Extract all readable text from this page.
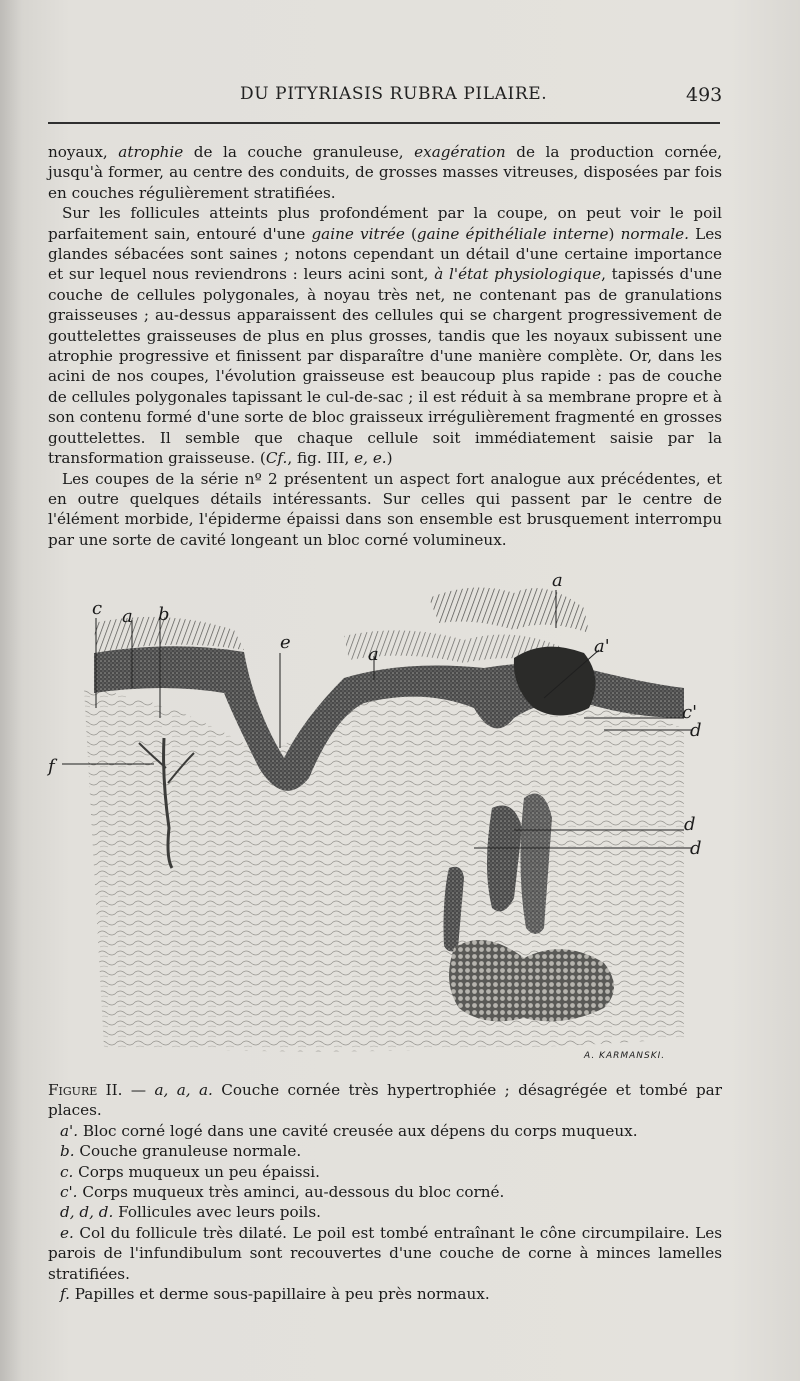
DU PITYRIASIS RUBRA PILAIRE.	493

noyaux, atrophie de la couche granuleuse, exagération de la production cornée, jusqu'à former, au centre des conduits, de grosses masses vitreuses, disposées par fois en couches régulièrement stratifiées.

Sur les follicules atteints plus profondément par la coupe, on peut voir le poil parfaitement sain, entouré d'une gaine vitrée (gaine épithéliale interne) normale. Les glandes sébacées sont saines ; notons cependant un détail d'une certaine importance et sur lequel nous reviendrons : leurs acini sont, à l'état physiologique, tapissés d'une couche de cellules polygonales, à noyau très net, ne contenant pas de granulations graisseuses ; au-dessus apparaissent des cellules qui se chargent progressivement de gouttelettes graisseuses de plus en plus grosses, tandis que les noyaux subissent une atrophie progressive et finissent par disparaître d'une manière complète. Or, dans les acini de nos coupes, l'évolution graisseuse est beaucoup plus rapide : pas de couche de cellules polygonales tapissant le cul-de-sac ; il est réduit à sa membrane propre et à son contenu formé d'une sorte de bloc graisseux irrégulièrement fragmenté en grosses gouttelettes. Il semble que chaque cellule soit immédiatement saisie par la transformation graisseuse. (Cf., fig. III, e, e.)

Les coupes de la série nº 2 présentent un aspect fort analogue aux précédentes, et en outre quelques détails intéressants. Sur celles qui passent par le centre de l'élément morbide, l'épiderme épaissi dans son ensemble est brusquement interrompu par une sorte de cavité longeant un bloc corné volumineux.

c a b
e
a
a
a'
c'
d
d
d
f
A. KARMANSKI.

Figure II. — a, a, a. Couche cornée très hypertrophiée ; désagrégée et tombé par places.

a'. Bloc corné logé dans une cavité creusée aux dépens du corps muqueux.

b. Couche granuleuse normale.

c. Corps muqueux un peu épaissi.

c'. Corps muqueux très aminci, au-dessous du bloc corné.

d, d, d. Follicules avec leurs poils.

e. Col du follicule très dilaté. Le poil est tombé entraînant le cône circumpilaire. Les parois de l'infundibulum sont recouvertes d'une couche de corne à minces lamelles stratifiées.

f. Papilles et derme sous-papillaire à peu près normaux.
